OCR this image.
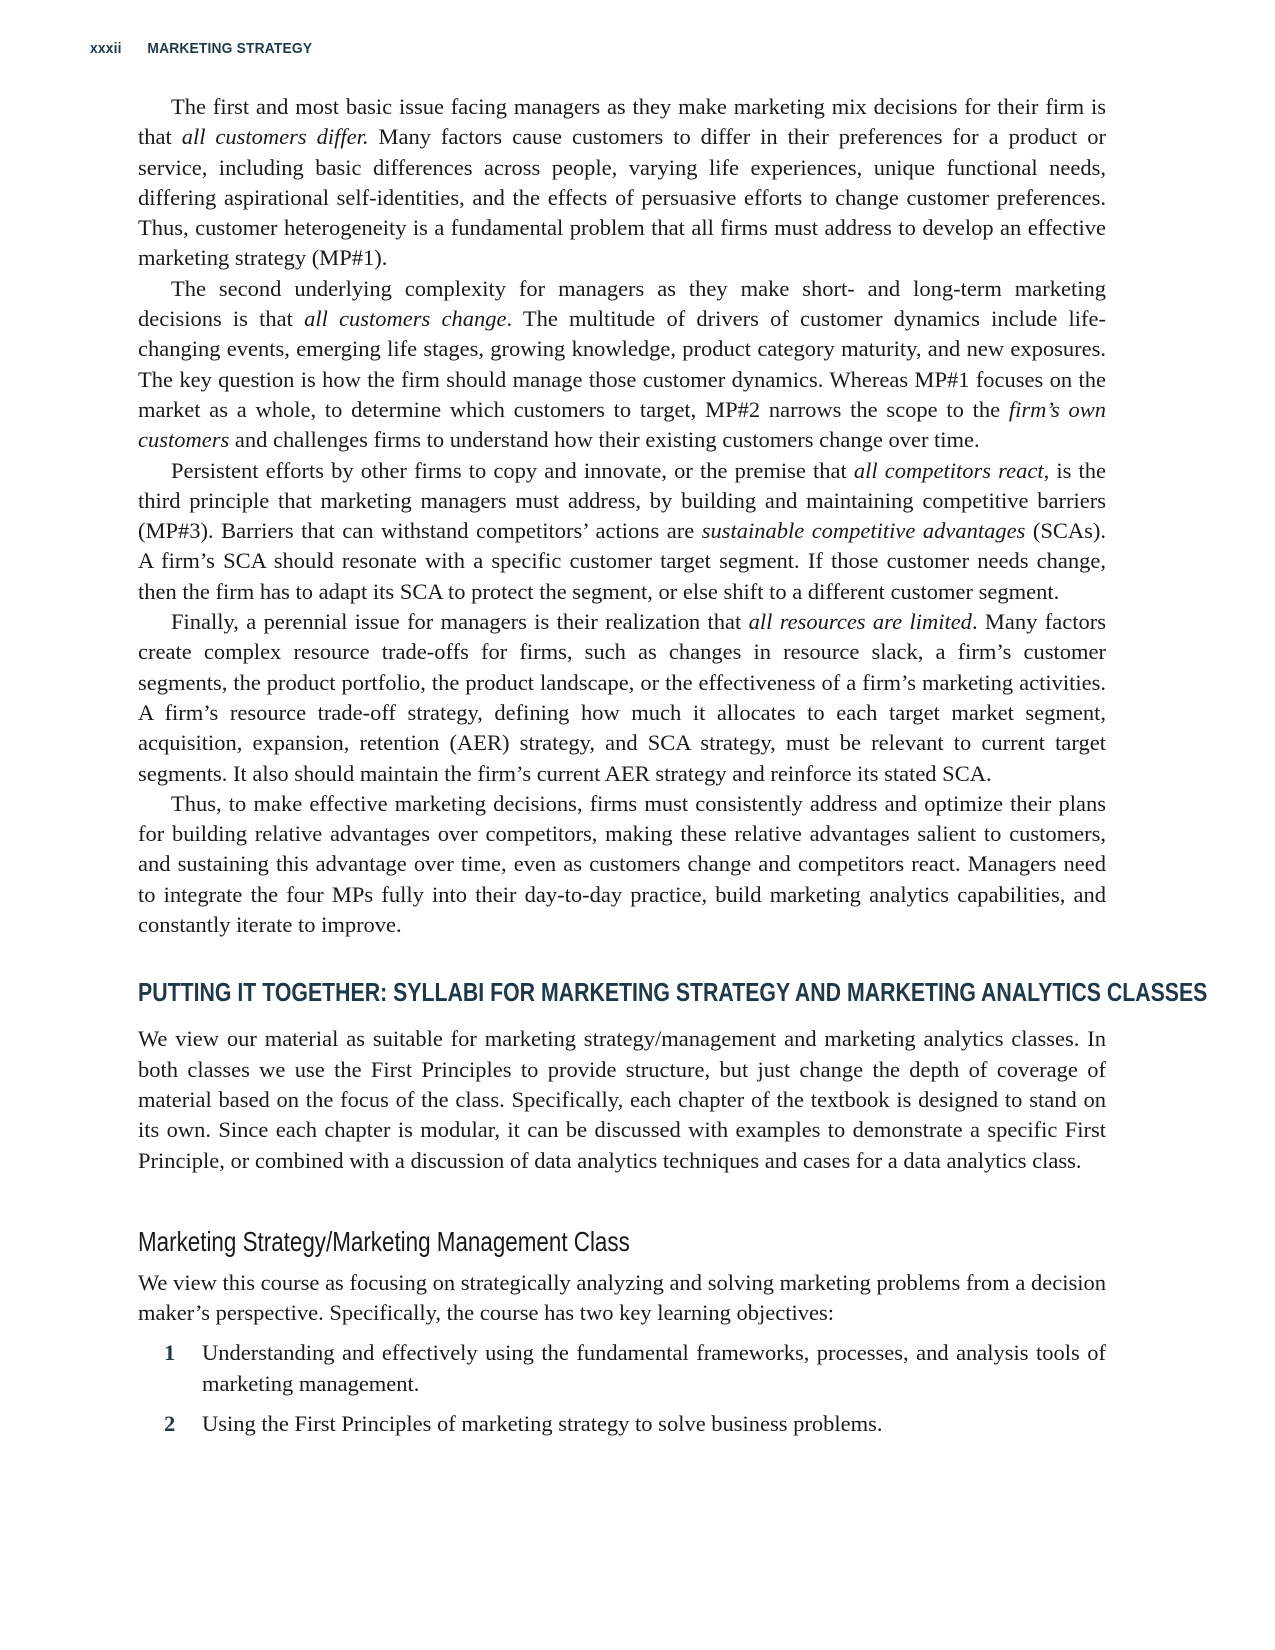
xxxii MARKETING STRATEGY

The first and most basic issue facing managers as they make marketing mix decisions for their firm is that all customers differ. Many factors cause customers to differ in their preferences for a product or service, including basic differences across people, varying life experiences, unique functional needs, differing aspirational self-identities, and the effects of persuasive efforts to change customer preferences. Thus, customer heterogeneity is a fundamental problem that all firms must address to develop an effective marketing strategy (MP#1).

The second underlying complexity for managers as they make short- and long-term marketing decisions is that all customers change. The multitude of drivers of customer dynamics include life-changing events, emerging life stages, growing knowledge, product category maturity, and new exposures. The key question is how the firm should manage those customer dynamics. Whereas MP#1 focuses on the market as a whole, to determine which customers to target, MP#2 narrows the scope to the firm’s own customers and challenges firms to understand how their existing customers change over time.

Persistent efforts by other firms to copy and innovate, or the premise that all competitors react, is the third principle that marketing managers must address, by building and maintaining competitive barriers (MP#3). Barriers that can withstand competitors’ actions are sustainable competitive advantages (SCAs). A firm’s SCA should resonate with a specific customer target segment. If those customer needs change, then the firm has to adapt its SCA to protect the segment, or else shift to a different customer segment.

Finally, a perennial issue for managers is their realization that all resources are limited. Many factors create complex resource trade-offs for firms, such as changes in resource slack, a firm’s customer segments, the product portfolio, the product landscape, or the effectiveness of a firm’s marketing activities. A firm’s resource trade-off strategy, defining how much it allocates to each target market segment, acquisition, expansion, retention (AER) strategy, and SCA strategy, must be relevant to current target segments. It also should maintain the firm’s current AER strategy and reinforce its stated SCA.

Thus, to make effective marketing decisions, firms must consistently address and optimize their plans for building relative advantages over competitors, making these relative advantages salient to customers, and sustaining this advantage over time, even as customers change and competitors react. Managers need to integrate the four MPs fully into their day-to-day practice, build marketing analytics capabilities, and constantly iterate to improve.

PUTTING IT TOGETHER: SYLLABI FOR MARKETING STRATEGY AND MARKETING ANALYTICS CLASSES

We view our material as suitable for marketing strategy/management and marketing analytics classes. In both classes we use the First Principles to provide structure, but just change the depth of coverage of material based on the focus of the class. Specifically, each chapter of the textbook is designed to stand on its own. Since each chapter is modular, it can be discussed with examples to demonstrate a specific First Principle, or combined with a discussion of data analytics techniques and cases for a data analytics class.

Marketing Strategy/Marketing Management Class

We view this course as focusing on strategically analyzing and solving marketing problems from a decision maker’s perspective. Specifically, the course has two key learning objectives:

1	Understanding and effectively using the fundamental frameworks, processes, and analysis tools of marketing management.
2	Using the First Principles of marketing strategy to solve business problems.
